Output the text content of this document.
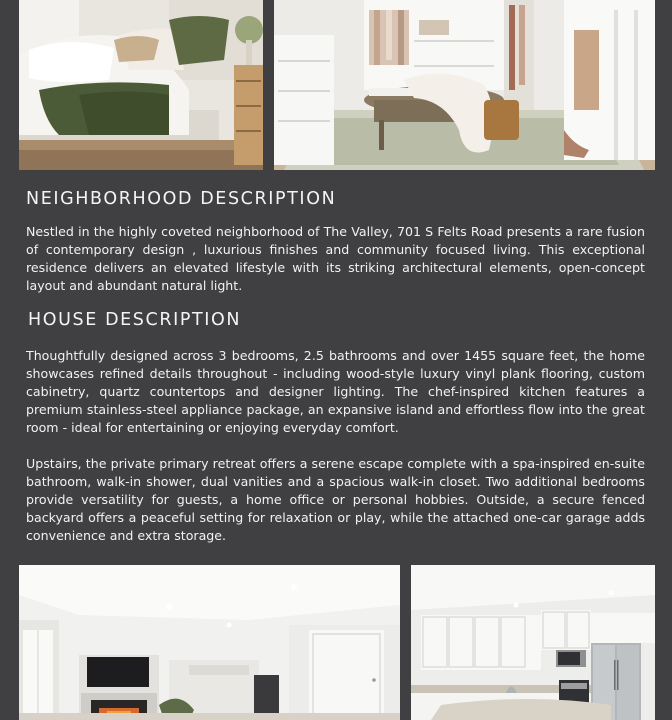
NEIGHBORHOOD DESCRIPTION

Nestled in the highly coveted neighborhood of The Valley, 701 S Felts Road presents a rare fusion of contemporary design , luxurious finishes and community focused living. This exceptional residence delivers an elevated lifestyle with its striking architectural elements, open-concept layout and abundant natural light.

HOUSE DESCRIPTION

Thoughtfully designed across 3 bedrooms, 2.5 bathrooms and over 1455 square feet, the home showcases refined details throughout - including wood-style luxury vinyl plank flooring, custom cabinetry, quartz countertops and designer lighting. The chef-inspired kitchen features a premium stainless-steel appliance package, an expansive island and effortless flow into the great room - ideal for entertaining or enjoying everyday comfort.

Upstairs, the private primary retreat offers a serene escape complete with a spa-inspired en-suite bathroom, walk-in shower, dual vanities and a spacious walk-in closet. Two additional bedrooms provide versatility for guests, a home office or personal hobbies. Outside, a secure fenced backyard offers a peaceful setting for relaxation or play, while the attached one-car garage adds convenience and extra storage.
